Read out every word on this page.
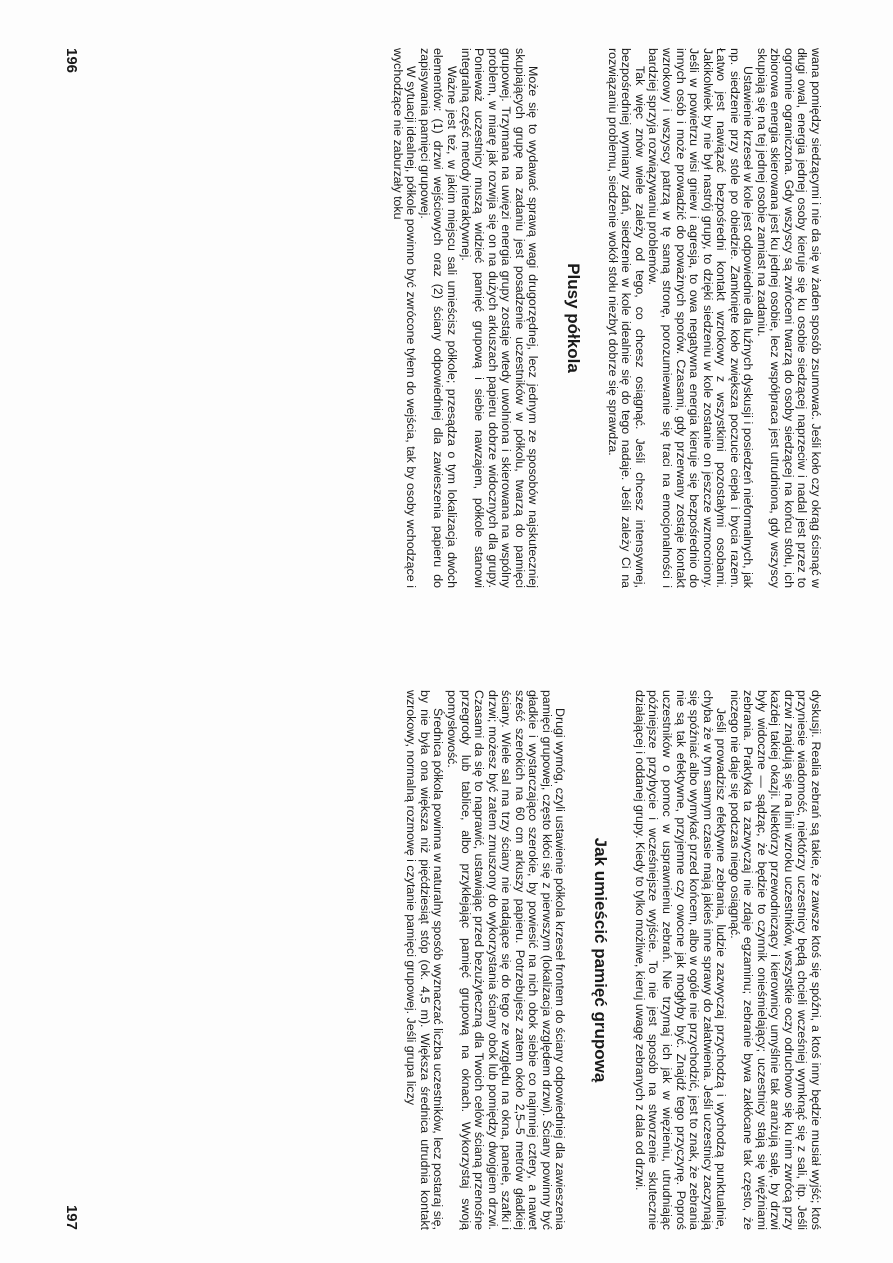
wana pomiędzy siedzącymi i nie da się w żaden sposób zsumować. Jeśli koło czy okrąg ścisnąć w długi owal, energia jednej osoby kieruje się ku osobie siedzącej naprzeciw i nadal jest przez to ogromnie ograniczona. Gdy wszyscy są zwróceni twarzą do osoby siedzącej na końcu stołu, ich zbiorowa energia skierowana jest ku jednej osobie, lecz współpraca jest utrudniona, gdy wszyscy skupiają się na tej jednej osobie zamiast na zadaniu.

Ustawienie krzeseł w kole jest odpowiednie dla luźnych dyskusji i posiedzeń nieformalnych, jak np. siedzenie przy stole po obiedzie. Zamknięte koło zwiększa poczucie ciepła i bycia razem. Łatwo jest nawiązać bezpośredni kontakt wzrokowy z wszystkimi pozostałymi osobami. Jakikolwiek by nie był nastrój grupy, to dzięki siedzeniu w kole zostanie on jeszcze wzmocniony. Jeśli w powietrzu wisi gniew i agresja, to owa negatywna energia kieruje się bezpośrednio do innych osób i może prowadzić do poważnych sporów. Czasami, gdy przerwany zostaje kontakt wzrokowy i wszyscy patrzą w tę samą stronę, porozumiewanie się traci na emocjonalności i bardziej sprzyja rozwiązywaniu problemów.

Tak więc znów wiele zależy od tego, co chcesz osiągnąć. Jeśli chcesz intensywnej, bezpośredniej wymiany zdań, siedzenie w kole idealnie się do tego nadaje. Jeśli zależy Ci na rozwiązaniu problemu, siedzenie wokół stołu niezbyt dobrze się sprawdza.

Plusy półkola

Może się to wydawać sprawą wagi drugorzędnej, lecz jednym ze sposobów najskuteczniej skupiających grupę na zadaniu jest posadzenie uczestników w półkolu, twarzą do pamięci grupowej. Trzymana na uwięzi energia grupy zostaje wtedy uwolniona i skierowana na wspólny problem, w miarę jak rozwija się on na dużych arkuszach papieru dobrze widocznych dla grupy. Ponieważ uczestnicy muszą widzieć pamięć grupową i siebie nawzajem, półkole stanowi integralną część metody interaktywnej.

Ważne jest też, w jakim miejscu sali umieścisz półkole; przesądza o tym lokalizacja dwóch elementów: (1) drzwi wejściowych oraz (2) ściany odpowiedniej dla zawieszenia papieru do zapisywania pamięci grupowej.

W sytuacji idealnej, półkole powinno być zwrócone tyłem do wejścia, tak by osoby wchodzące i wychodzące nie zaburzały toku

196

dyskusji. Realia zebrań są takie, że zawsze ktoś się spóźni, a ktoś inny będzie musiał wyjść; ktoś przyniesie wiadomość, niektórzy uczestnicy będą chcieli wcześniej wymknąć się z sali, itp. Jeśli drzwi znajdują się na linii wzroku uczestników, wszystkie oczy odruchowo się ku nim zwrócą przy każdej takiej okazji. Niektórzy przewodniczący i kierownicy umyślnie tak aranżują salę, by drzwi były widoczne — sądząc, że będzie to czynnik onieśmielający; uczestnicy stają się więźniami zebrania. Praktyka ta zazwyczaj nie zdaje egzaminu; zebranie bywa zakłócane tak często, że niczego nie daje się podczas niego osiągnąć.

Jeśli prowadzisz efektywne zebrania, ludzie zazwyczaj przychodzą i wychodzą punktualnie, chyba że w tym samym czasie mają jakieś inne sprawy do załatwienia. Jeśli uczestnicy zaczynają się spóźniać albo wymykać przed końcem, albo w ogóle nie przychodzić, jest to znak, że zebrania nie są tak efektywne, przyjemne czy owocne jak mogłyby być. Znajdź tego przyczynę. Poproś uczestników o pomoc w usprawnieniu zebrań. Nie trzymaj ich jak w więzieniu, utrudniając późniejsze przybycie i wcześniejsze wyjście. To nie jest sposób na stworzenie skutecznie działającej i oddanej grupy. Kiedy to tylko możliwe, kieruj uwagę zebranych z dala od drzwi.

Jak umieścić pamięć grupową

Drugi wymóg, czyli ustawienie półkola krzeseł frontem do ściany odpowiedniej dla zawieszenia pamięci grupowej, często kłóci się z pierwszym (lokalizacja względem drzwi). Ściany powinny być gładkie i wystarczająco szerokie, by powiesić na nich obok siebie co najmniej cztery, a nawet sześć szerokich na 60 cm arkuszy papieru. Potrzebujesz zatem około 2,5–5 metrów gładkiej ściany. Wiele sal ma trzy ściany nie nadające się do tego ze względu na okna, panele, szafki i drzwi; możesz być zatem zmuszony do wykorzystania ściany obok lub pomiędzy dwojgiem drzwi. Czasami da się to naprawić, ustawiając przed bezużyteczną dla Twoich celów ścianą przenośne przegrody lub tablice, albo przyklejając pamięć grupową na oknach. Wykorzystaj swoją pomysłowość.

Średnica półkola powinna w naturalny sposób wyznaczać liczba uczestników, lecz postaraj się, by nie była ona większa niż pięćdziesiąt stóp (ok. 4,5 m). Większa średnica utrudnia kontakt wzrokowy, normalną rozmowę i czytanie pamięci grupowej. Jeśli grupa liczy

197
